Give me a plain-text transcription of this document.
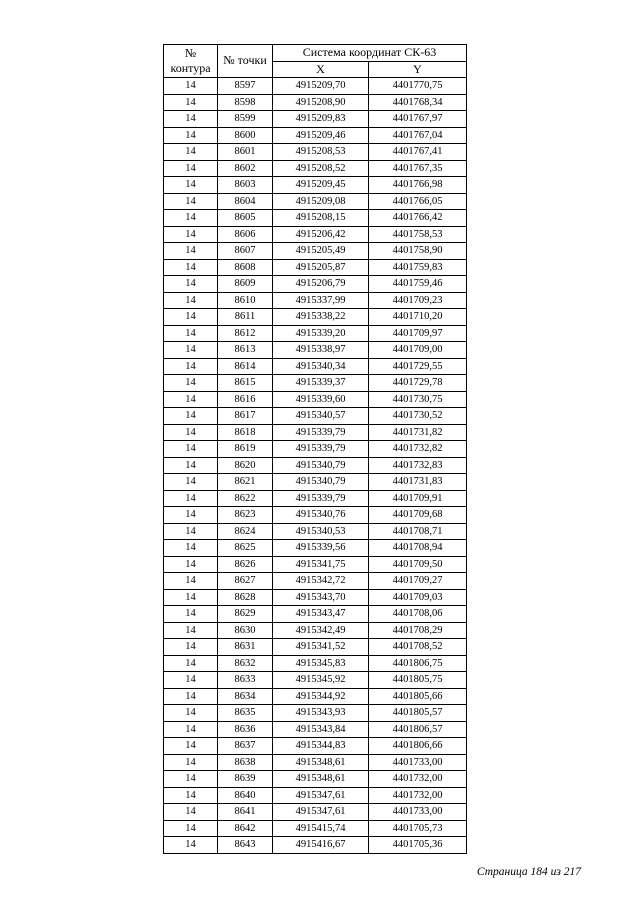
№ контура	№ точки	Система координат СК-63	
		X	Y
14	8597	4915209,70	4401770,75
14	8598	4915208,90	4401768,34
14	8599	4915209,83	4401767,97
14	8600	4915209,46	4401767,04
14	8601	4915208,53	4401767,41
14	8602	4915208,52	4401767,35
14	8603	4915209,45	4401766,98
14	8604	4915209,08	4401766,05
14	8605	4915208,15	4401766,42
14	8606	4915206,42	4401758,53
14	8607	4915205,49	4401758,90
14	8608	4915205,87	4401759,83
14	8609	4915206,79	4401759,46
14	8610	4915337,99	4401709,23
14	8611	4915338,22	4401710,20
14	8612	4915339,20	4401709,97
14	8613	4915338,97	4401709,00
14	8614	4915340,34	4401729,55
14	8615	4915339,37	4401729,78
14	8616	4915339,60	4401730,75
14	8617	4915340,57	4401730,52
14	8618	4915339,79	4401731,82
14	8619	4915339,79	4401732,82
14	8620	4915340,79	4401732,83
14	8621	4915340,79	4401731,83
14	8622	4915339,79	4401709,91
14	8623	4915340,76	4401709,68
14	8624	4915340,53	4401708,71
14	8625	4915339,56	4401708,94
14	8626	4915341,75	4401709,50
14	8627	4915342,72	4401709,27
14	8628	4915343,70	4401709,03
14	8629	4915343,47	4401708,06
14	8630	4915342,49	4401708,29
14	8631	4915341,52	4401708,52
14	8632	4915345,83	4401806,75
14	8633	4915345,92	4401805,75
14	8634	4915344,92	4401805,66
14	8635	4915343,93	4401805,57
14	8636	4915343,84	4401806,57
14	8637	4915344,83	4401806,66
14	8638	4915348,61	4401733,00
14	8639	4915348,61	4401732,00
14	8640	4915347,61	4401732,00
14	8641	4915347,61	4401733,00
14	8642	4915415,74	4401705,73
14	8643	4915416,67	4401705,36
Страница 184 из 217
